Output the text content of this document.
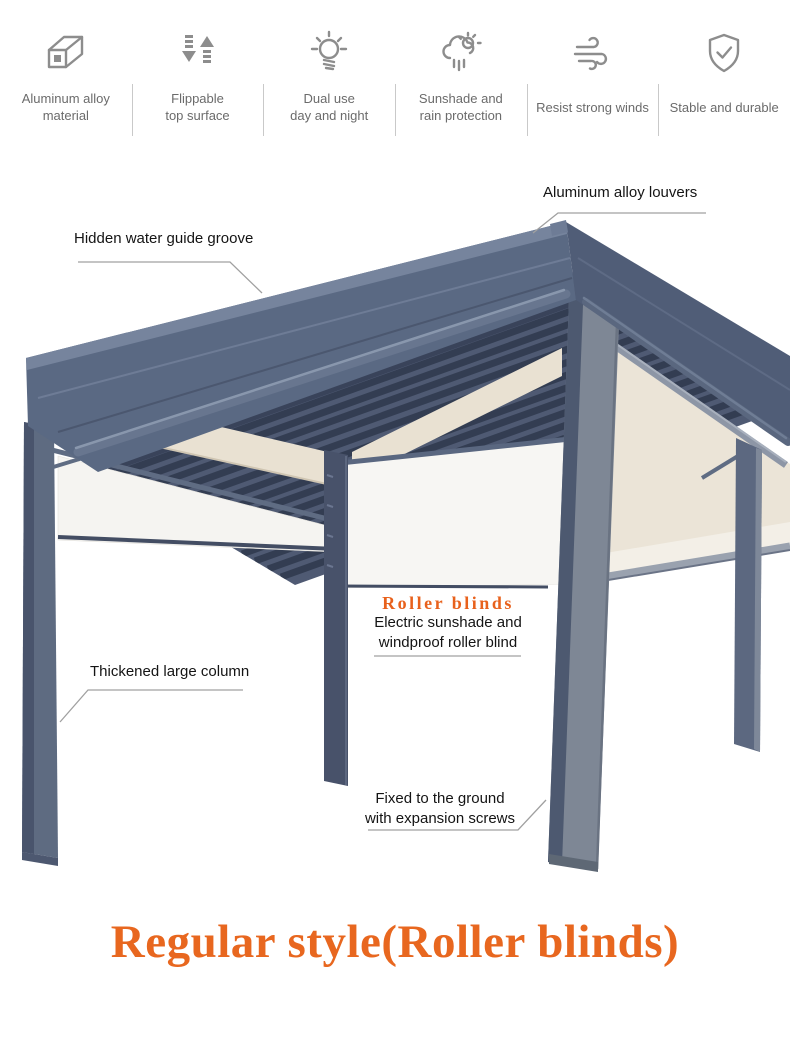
Aluminum alloy
material
Flippable
top surface
Dual use
day and night
Sunshade and
rain protection
Resist strong winds Stable and durable
Aluminum alloy louvers
Hidden water guide groove
Roller blinds
Electric sunshade and
windproof roller blind
Thickened large column
Fixed to the ground
with expansion screws
Regular style(Roller blinds)
